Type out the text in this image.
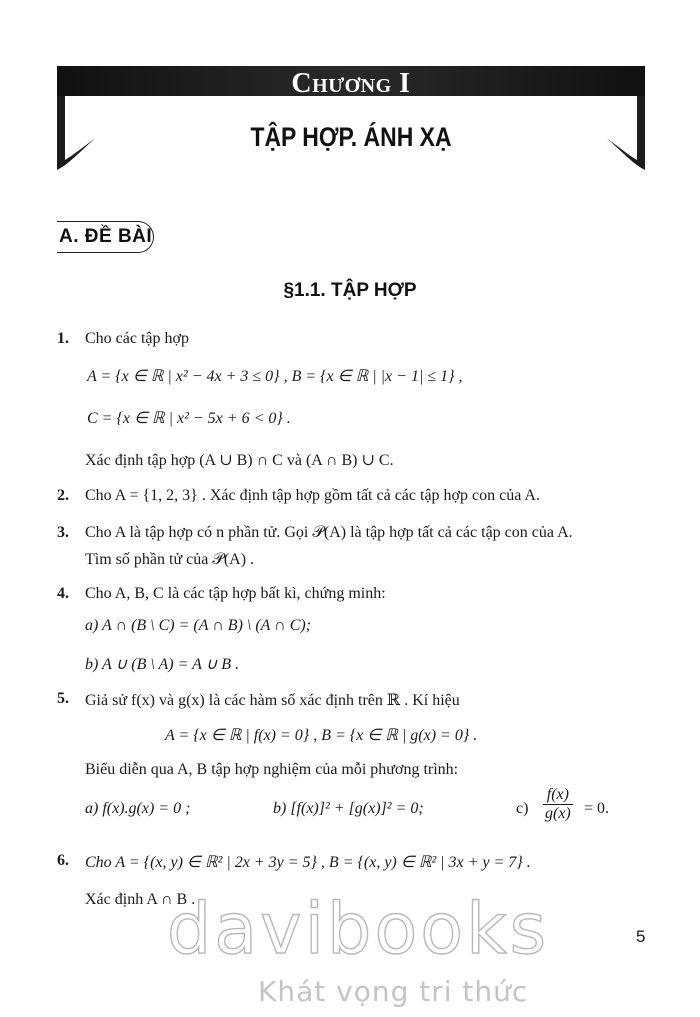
Chương I
TẬP HỢP. ÁNH XẠ
A. ĐỀ BÀI
§1.1. TẬP HỢP
1. Cho các tập hợp
A = {x ∈ ℝ | x² − 4x + 3 ≤ 0} , B = {x ∈ ℝ | |x − 1| ≤ 1} ,
C = {x ∈ ℝ | x² − 5x + 6 < 0} .
Xác định tập hợp (A ∪ B) ∩ C và (A ∩ B) ∪ C.
2. Cho A = {1, 2, 3} . Xác định tập hợp gồm tất cả các tập hợp con của A.
3. Cho A là tập hợp có n phần tử. Gọi 𝒫(A) là tập hợp tất cả các tập con của A.
Tìm số phần tử của 𝒫(A) .
4. Cho A, B, C là các tập hợp bất kì, chứng minh:
a) A ∩ (B \ C) = (A ∩ B) \ (A ∩ C);
b) A ∪ (B \ A) = A ∪ B .
5. Giả sử f(x) và g(x) là các hàm số xác định trên ℝ . Kí hiệu
A = {x ∈ ℝ | f(x) = 0} , B = {x ∈ ℝ | g(x) = 0} .
Biểu diễn qua A, B tập hợp nghiệm của mỗi phương trình:
a) f(x).g(x) = 0 ;	b) [f(x)]² + [g(x)]² = 0;	$c) \frac{f(x)}{g(x)} = 0$.
6. Cho A = {(x, y) ∈ ℝ² | 2x + 3y = 5} , B = {(x, y) ∈ ℝ² | 3x + y = 7} .
Xác định A ∩ B .
5
davibooks
Khát vọng tri thức
